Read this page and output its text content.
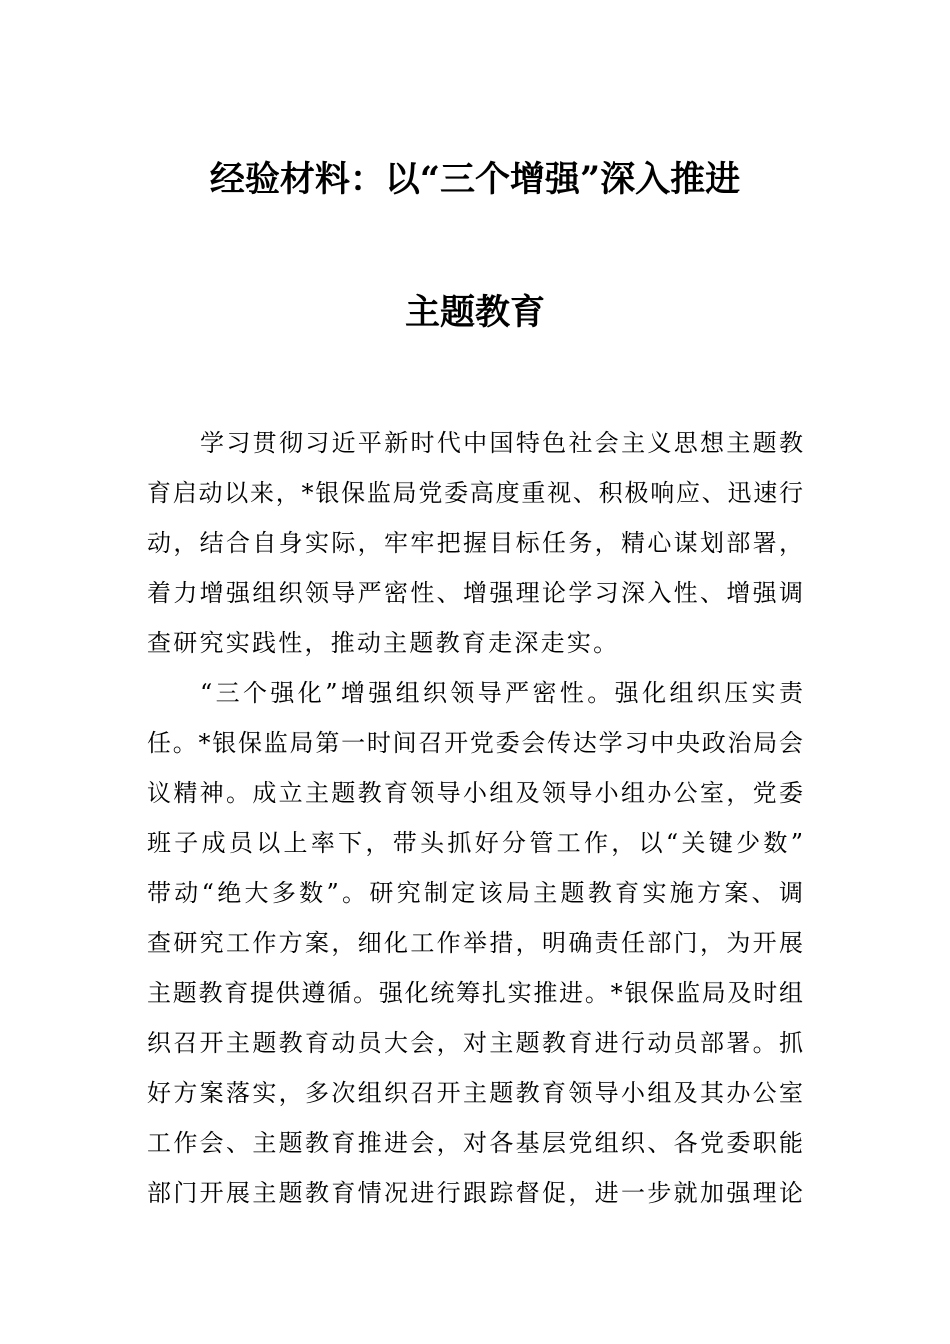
经验材料：以“三个增强”深入推进
主题教育
学习贯彻习近平新时代中国特色社会主义思想主题教
育启动以来，*银保监局党委高度重视、积极响应、迅速行
动，结合自身实际，牢牢把握目标任务，精心谋划部署，
着力增强组织领导严密性、增强理论学习深入性、增强调
查研究实践性，推动主题教育走深走实。
“三个强化”增强组织领导严密性。强化组织压实责
任。*银保监局第一时间召开党委会传达学习中央政治局会
议精神。成立主题教育领导小组及领导小组办公室，党委
班子成员以上率下，带头抓好分管工作，以“关键少数”
带动“绝大多数”。研究制定该局主题教育实施方案、调
查研究工作方案，细化工作举措，明确责任部门，为开展
主题教育提供遵循。强化统筹扎实推进。*银保监局及时组
织召开主题教育动员大会，对主题教育进行动员部署。抓
好方案落实，多次组织召开主题教育领导小组及其办公室
工作会、主题教育推进会，对各基层党组织、各党委职能
部门开展主题教育情况进行跟踪督促，进一步就加强理论
